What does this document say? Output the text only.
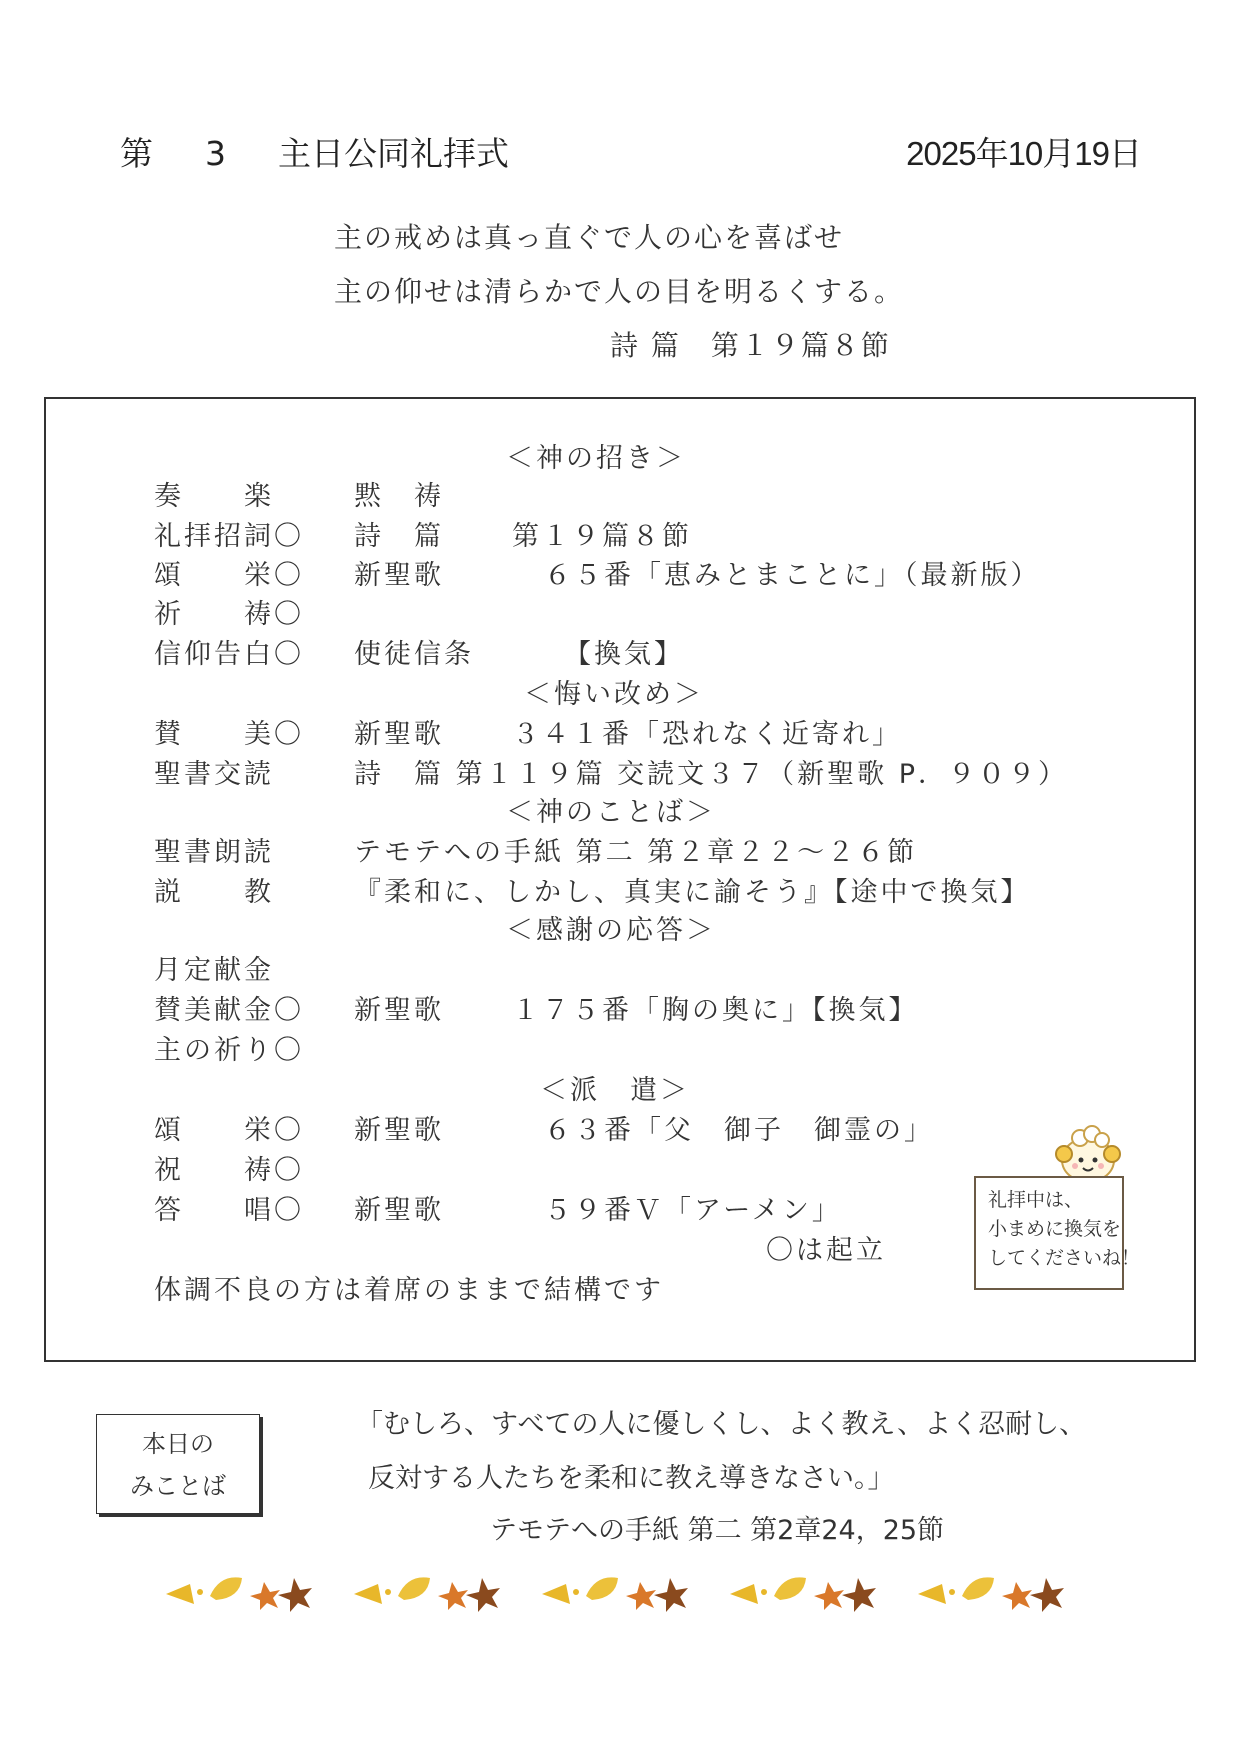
第 3 主日公同礼拝式	2025年10月19日
主の戒めは真っ直ぐで人の心を喜ばせ
主の仰せは清らかで人の目を明るくする。
詩 篇　第１９篇８節
＜神の招き＞
奏　　楽	黙　祷
礼拝招詞〇 詩　篇	第１９篇８節
頌　　栄〇 新聖歌	６５番「恵みとまことに」（最新版）
祈　　祷〇
信仰告白〇 使徒信条	【換気】
＜悔い改め＞
賛　　美〇 新聖歌	３４１番「恐れなく近寄れ」
聖書交読	詩　篇 第１１９篇 交読文３７（新聖歌 P．９０９）
＜神のことば＞
聖書朗読	テモテへの手紙 第二 第２章２２～２６節
説　　教	『柔和に、しかし、真実に諭そう』【途中で換気】
＜感謝の応答＞
月定献金
賛美献金〇 新聖歌	１７５番「胸の奥に」【換気】
主の祈り〇
＜派　遣＞
頌　　栄〇 新聖歌	６３番「父　御子　御霊の」
祝　　祷〇
答　　唱〇 新聖歌	５９番Ｖ「アーメン」
〇は起立
体調不良の方は着席のままで結構です
礼拝中は、
小まめに換気を
してくださいね！
本日の
みことば
「むしろ、すべての人に優しくし、よく教え、よく忍耐し、
反対する人たちを柔和に教え導きなさい。」
テモテへの手紙 第二 第2章24，25節
